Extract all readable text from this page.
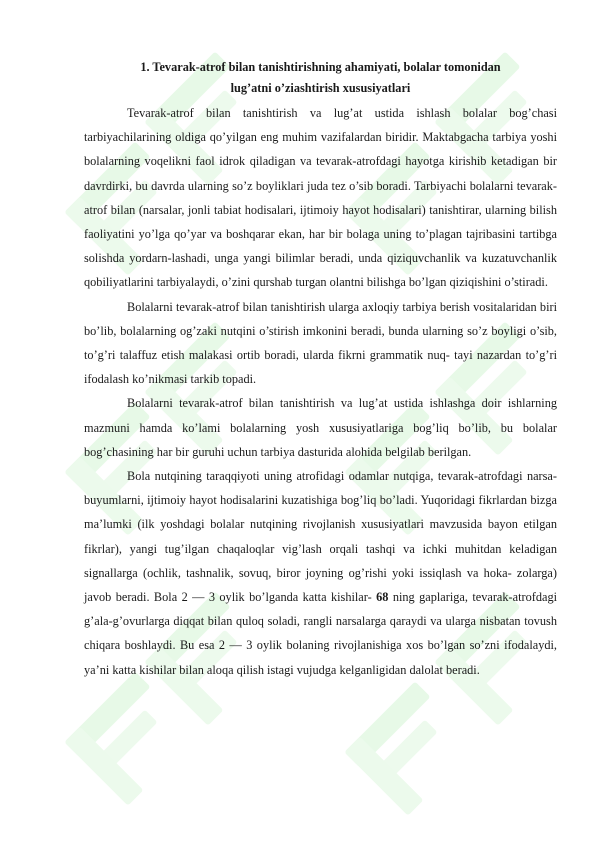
1. Tevarak-atrof bilan tanishtirishning ahamiyati, bolalar tomonidan
lug’atni o’ziashtirish xususiyatlari

Tevarak-atrof bilan tanishtirish va lug’at ustida ishlash bolalar bog’chasi tarbiyachilarining oldiga qo’yilgan eng muhim vazifalardan biridir. Maktabgacha tarbiya yoshi bolalarning voqelikni faol idrok qiladigan va tevarak-atrofdagi hayotga kirishib ketadigan bir davrdirki, bu davrda ularning so’z boyliklari juda tez o’sib boradi. Tarbiyachi bolalarni tevarak-atrof bilan (narsalar, jonli tabiat hodisalari, ijtimoiy hayot hodisalari) tanishtirar, ularning bilish faoliyatini yo’lga qo’yar va boshqarar ekan, har bir bolaga uning to’plagan tajribasini tartibga solishda yordarn-lashadi, unga yangi bilimlar beradi, unda qiziquvchanlik va kuzatuvchanlik qobiliyatlarini tarbiyalaydi, o’zini qurshab turgan olantni bilishga bo’lgan qiziqishini o’stiradi.

Bolalarni tevarak-atrof bilan tanishtirish ularga axloqiy tarbiya berish vositalaridan biri bo’lib, bolalarning og’zaki nutqini o’stirish imkonini beradi, bunda ularning so’z boyligi o’sib, to’g’ri talaffuz etish malakasi ortib boradi, ularda fikrni grammatik nuq- tayi nazardan to’g’ri ifodalash ko’nikmasi tarkib topadi.

Bolalarni tevarak-atrof bilan tanishtirish va lug’at ustida ishlashga doir ishlarning mazmuni hamda ko’lami bolalarning yosh xususiyatlariga bog’liq bo’lib, bu bolalar bog’chasining har bir guruhi uchun tarbiya dasturida alohida belgilab berilgan.

Bola nutqining taraqqiyoti uning atrofidagi odamlar nutqiga, tevarak-atrofdagi narsa-buyumlarni, ijtimoiy hayot hodisalarini kuzatishiga bog’liq bo’ladi. Yuqoridagi fikrlardan bizga ma’lumki (ilk yoshdagi bolalar nutqining rivojlanish xususiyatlari mavzusida bayon etilgan fikrlar), yangi tug’ilgan chaqaloqlar vig’lash orqali tashqi va ichki muhitdan keladigan signallarga (ochlik, tashnalik, sovuq, biror joyning og’rishi yoki issiqlash va hoka- zolarga) javob beradi. Bola 2 — 3 oylik bo’lganda katta kishilar- 68 ning gaplariga, tevarak-atrofdagi g’ala-g’ovurlarga diqqat bilan quloq soladi, rangli narsalarga qaraydi va ularga nisbatan tovush chiqara boshlaydi. Bu esa 2 — 3 oylik bolaning rivojlanishiga xos bo’lgan so’zni ifodalaydi, ya’ni katta kishilar bilan aloqa qilish istagi vujudga kelganligidan dalolat beradi.
